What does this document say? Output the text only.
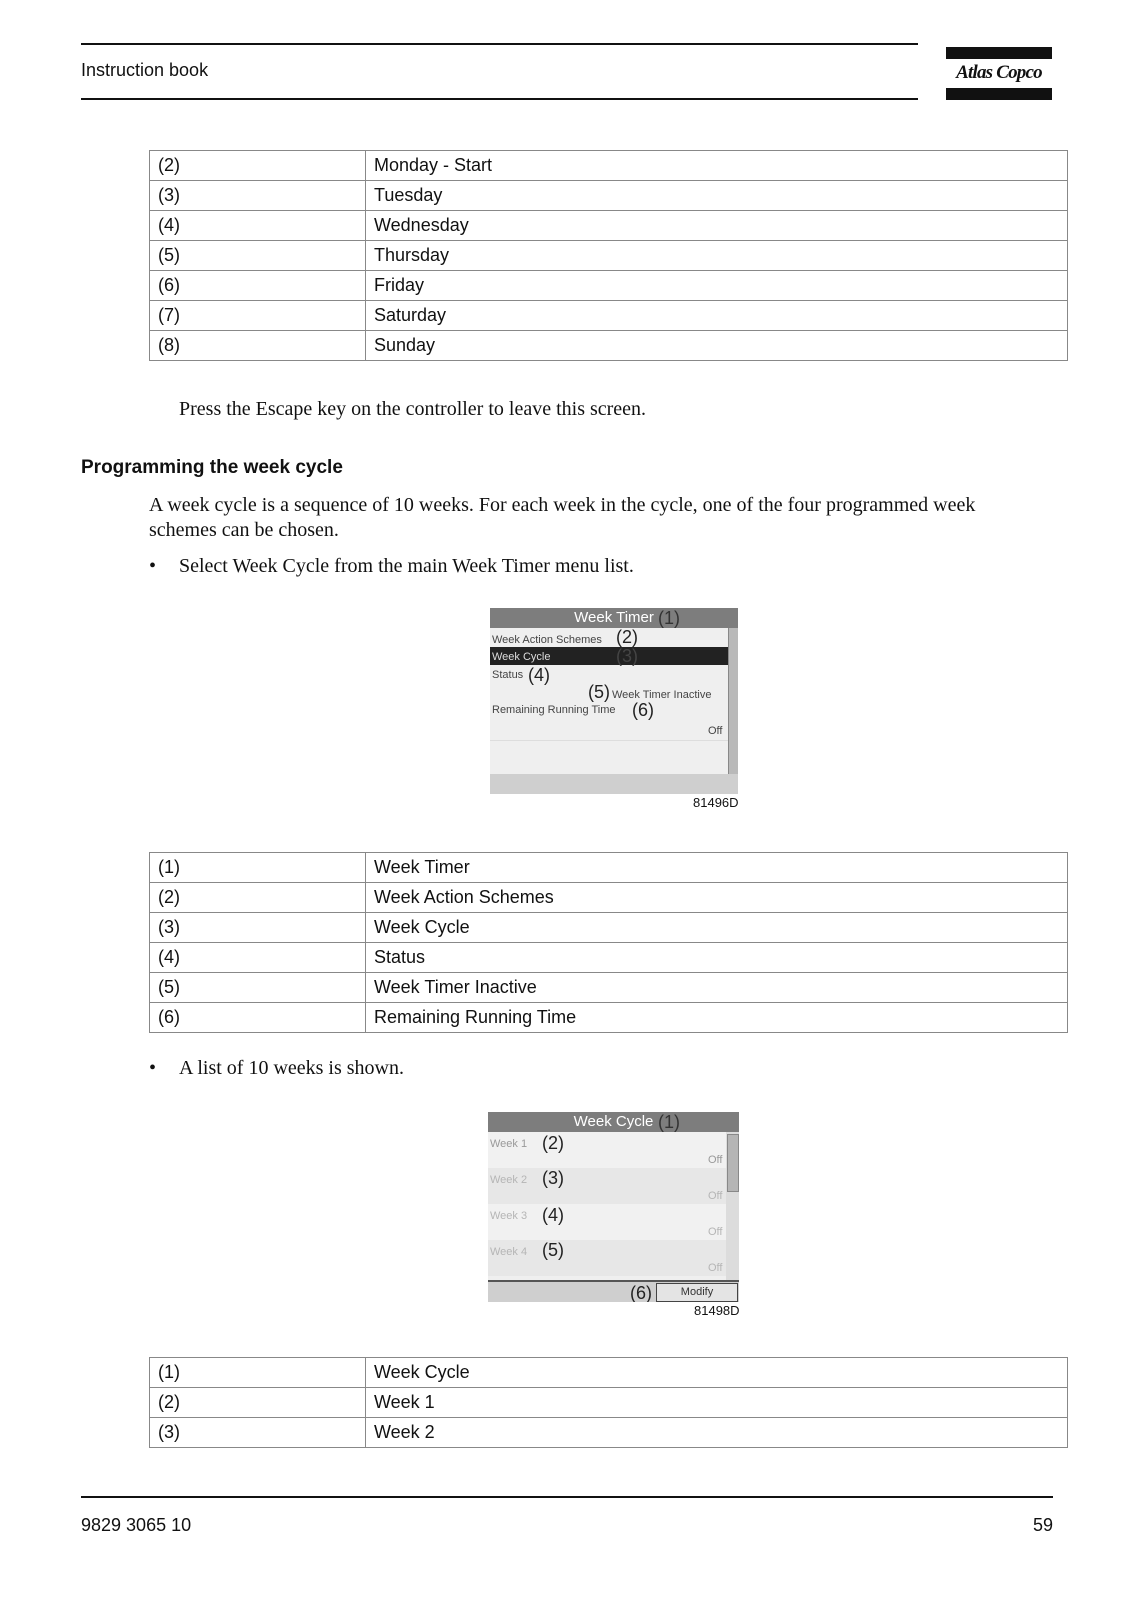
Instruction book	Atlas Copco
(2)	Monday - Start
(3)	Tuesday
(4)	Wednesday
(5)	Thursday
(6)	Friday
(7)	Saturday
(8)	Sunday
Press the Escape key on the controller to leave this screen.
Programming the week cycle
A week cycle is a sequence of 10 weeks. For each week in the cycle, one of the four programmed week
schemes can be chosen.
• Select Week Cycle from the main Week Timer menu list.
Week Timer (1)
Week Action Schemes (2)
Week Cycle	(3)
Status (4)
(5) Week Timer Inactive
Remaining Running Time (6)
Off
81496D
(1)	Week Timer
(2)	Week Action Schemes
(3)	Week Cycle
(4)	Status
(5)	Week Timer Inactive
(6)	Remaining Running Time
• A list of 10 weeks is shown.
Week Cycle (1)
Week 1 (2)
Off
Week 2 (3)
Off
Week 3 (4)
Off
Week 4 (5)
Off
(6)	Modify
81498D
(1)	Week Cycle
(2)	Week 1
(3)	Week 2
9829 3065 10	59
